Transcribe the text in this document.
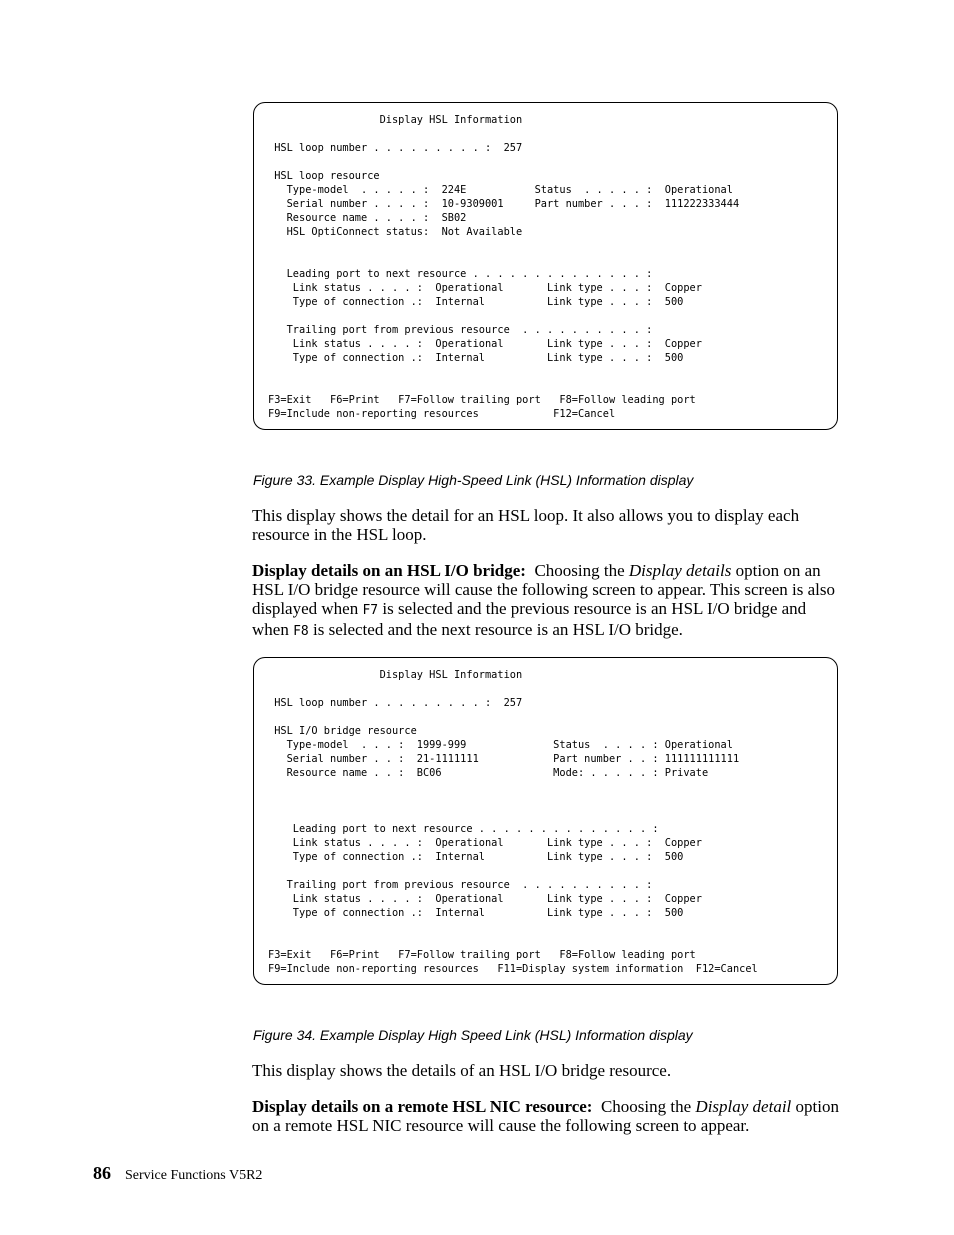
Display HSL Information

HSL loop number . . . . . . . . . :  257

HSL loop resource
Type-model  . . . . . :  224E           Status  . . . . . :  Operational
Serial number . . . . :  10-9309001     Part number . . . :  111222333444
Resource name . . . . :  SB02
HSL OptiConnect status:  Not Available

Leading port to next resource . . . . . . . . . . . . . . :
Link status . . . . :  Operational       Link type . . . :  Copper
Type of connection .:  Internal          Link type . . . :  500

Trailing port from previous resource  . . . . . . . . . . :
Link status . . . . :  Operational       Link type . . . :  Copper
Type of connection .:  Internal          Link type . . . :  500

F3=Exit   F6=Print   F7=Follow trailing port   F8=Follow leading port
F9=Include non-reporting resources            F12=Cancel
Figure 33. Example Display High-Speed Link (HSL) Information display

This display shows the detail for an HSL loop. It also allows you to display each resource in the HSL loop.

Display details on an HSL I/O bridge: Choosing the Display details option on an HSL I/O bridge resource will cause the following screen to appear. This screen is also displayed when F7 is selected and the previous resource is an HSL I/O bridge and when F8 is selected and the next resource is an HSL I/O bridge.

Display HSL Information

HSL loop number . . . . . . . . . :  257

HSL I/O bridge resource
Type-model  . . . :  1999-999              Status  . . . . : Operational
Serial number . . :  21-1111111            Part number . . : 111111111111
Resource name . . :  BC06                  Mode: . . . . . : Private

Leading port to next resource . . . . . . . . . . . . . . :
Link status . . . . :  Operational       Link type . . . :  Copper
Type of connection .:  Internal          Link type . . . :  500

Trailing port from previous resource  . . . . . . . . . . :
Link status . . . . :  Operational       Link type . . . :  Copper
Type of connection .:  Internal          Link type . . . :  500

F3=Exit   F6=Print   F7=Follow trailing port   F8=Follow leading port
F9=Include non-reporting resources   F11=Display system information  F12=Cancel
Figure 34. Example Display High Speed Link (HSL) Information display

This display shows the details of an HSL I/O bridge resource.

Display details on a remote HSL NIC resource: Choosing the Display detail option on a remote HSL NIC resource will cause the following screen to appear.

86 Service Functions V5R2
